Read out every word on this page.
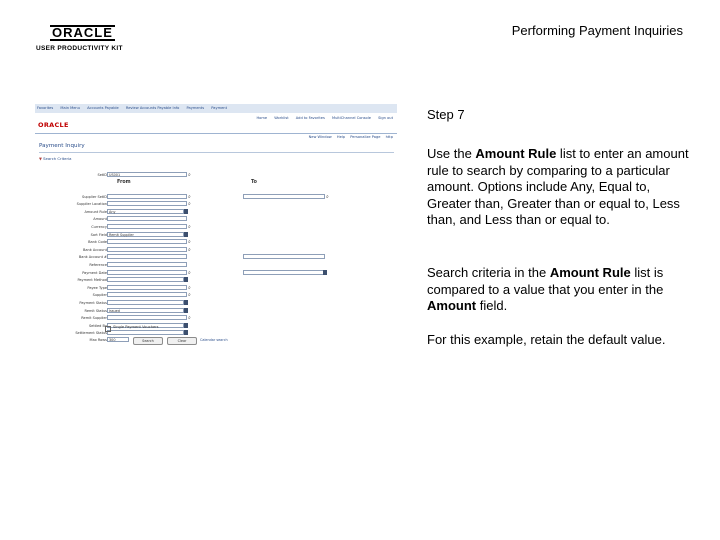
ORACLE
USER PRODUCTIVITY KIT
Performing Payment Inquiries
Favorites Main Menu Accounts Payable Review Accounts Payable Info Payments Payment
ORACLE
Home Worklist Add to Favorites MultiChannel Console Sign out
New Window Help Personalize Page http
Payment Inquiry
▼ Search Criteria
From	To
SetID US001	⌕
Supplier SetID	⌕	⌕
Supplier Location	⌕
Amount Rule Any
Amount
Currency	⌕
Sort Field Remit Supplier
Bank Code	⌕
Bank Account	⌕
Bank Account #
Reference
Payment Date	⌕
Payment Method
Payee Type	⌕
Supplier	⌕
Payment Status
Remit Status Issued
Remit Supplier	⌕
Settled By
Settlement Status
Single Payment Vouchers
Max Rows 300	Search	Clear	Calendar search
Step 7

Use the Amount Rule list to enter an amount rule to search by comparing to a particular amount. Options include Any, Equal to, Greater than, Greater than or equal to, Less than, and Less than or equal to.

Search criteria in the Amount Rule list is compared to a value that you enter in the Amount field.

For this example, retain the default value.
